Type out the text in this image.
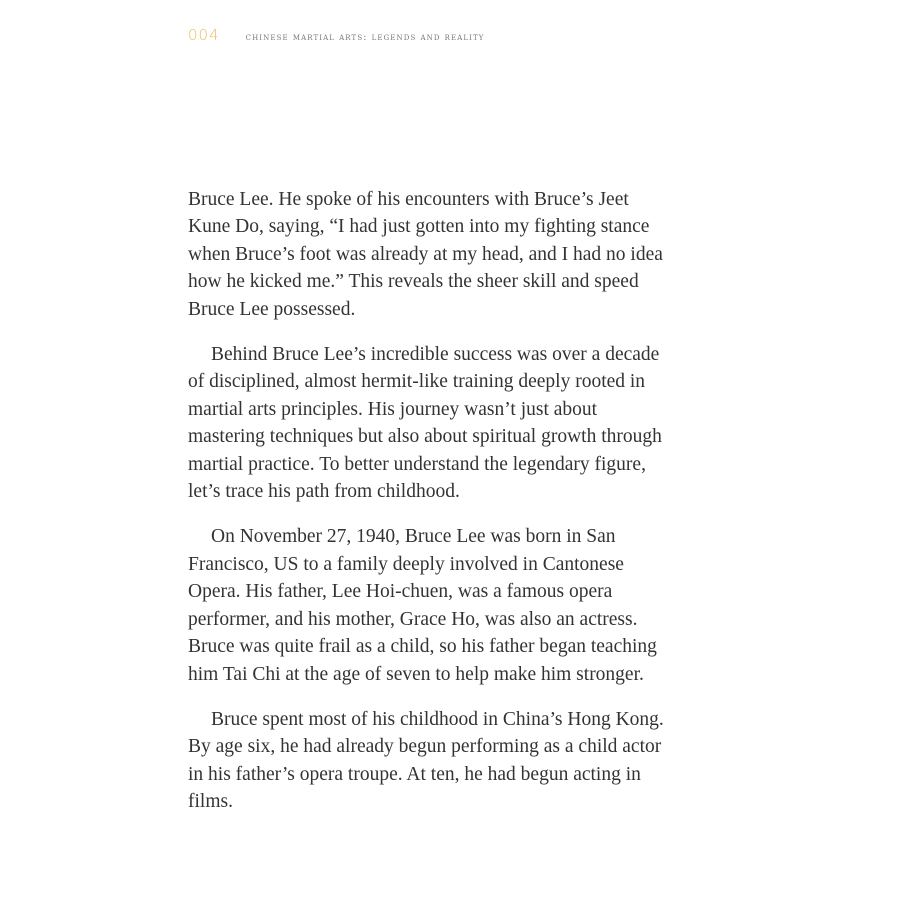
004	chinese martial arts: legends and reality

Bruce Lee. He spoke of his encounters with Bruce’s Jeet Kune Do, saying, “I had just gotten into my fighting stance when Bruce’s foot was already at my head, and I had no idea how he kicked me.” This reveals the sheer skill and speed Bruce Lee possessed.

Behind Bruce Lee’s incredible success was over a decade of disciplined, almost hermit-like training deeply rooted in martial arts principles. His journey wasn’t just about mastering techniques but also about spiritual growth through martial practice. To better understand the legendary figure, let’s trace his path from childhood.

On November 27, 1940, Bruce Lee was born in San Francisco, US to a family deeply involved in Cantonese Opera. His father, Lee Hoi-chuen, was a famous opera performer, and his mother, Grace Ho, was also an actress. Bruce was quite frail as a child, so his father began teaching him Tai Chi at the age of seven to help make him stronger.

Bruce spent most of his childhood in China’s Hong Kong. By age six, he had already begun performing as a child actor in his father’s opera troupe. At ten, he had begun acting in films.
